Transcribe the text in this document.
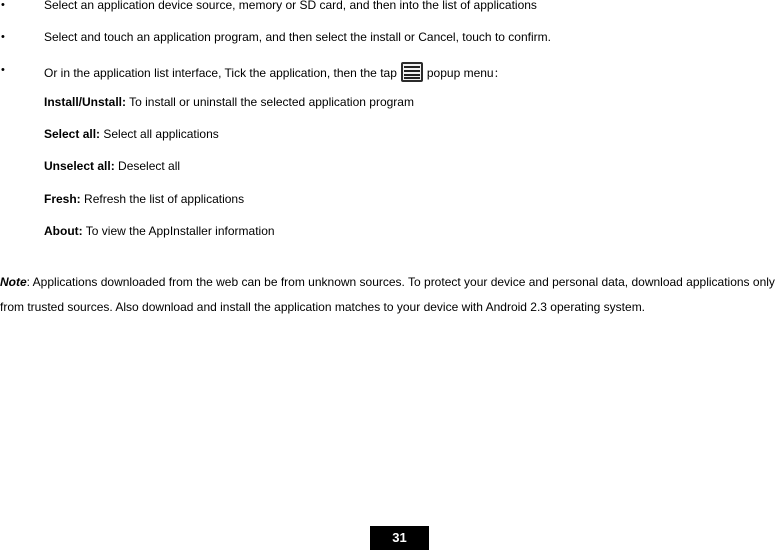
•	Select an application device source, memory or SD card, and then into the list of applications
•	Select and touch an application program, and then select the install or Cancel, touch to confirm.
•	Or in the application list interface, Tick the application, then the tap	popup menu：
Install/Unstall: To install or uninstall the selected application program
Select all: Select all applications
Unselect all: Deselect all
Fresh: Refresh the list of applications
About: To view the AppInstaller information
Note: Applications downloaded from the web can be from unknown sources. To protect your device and personal data, download applications only from trusted sources. Also download and install the application matches to your device with Android 2.3 operating system.
31
